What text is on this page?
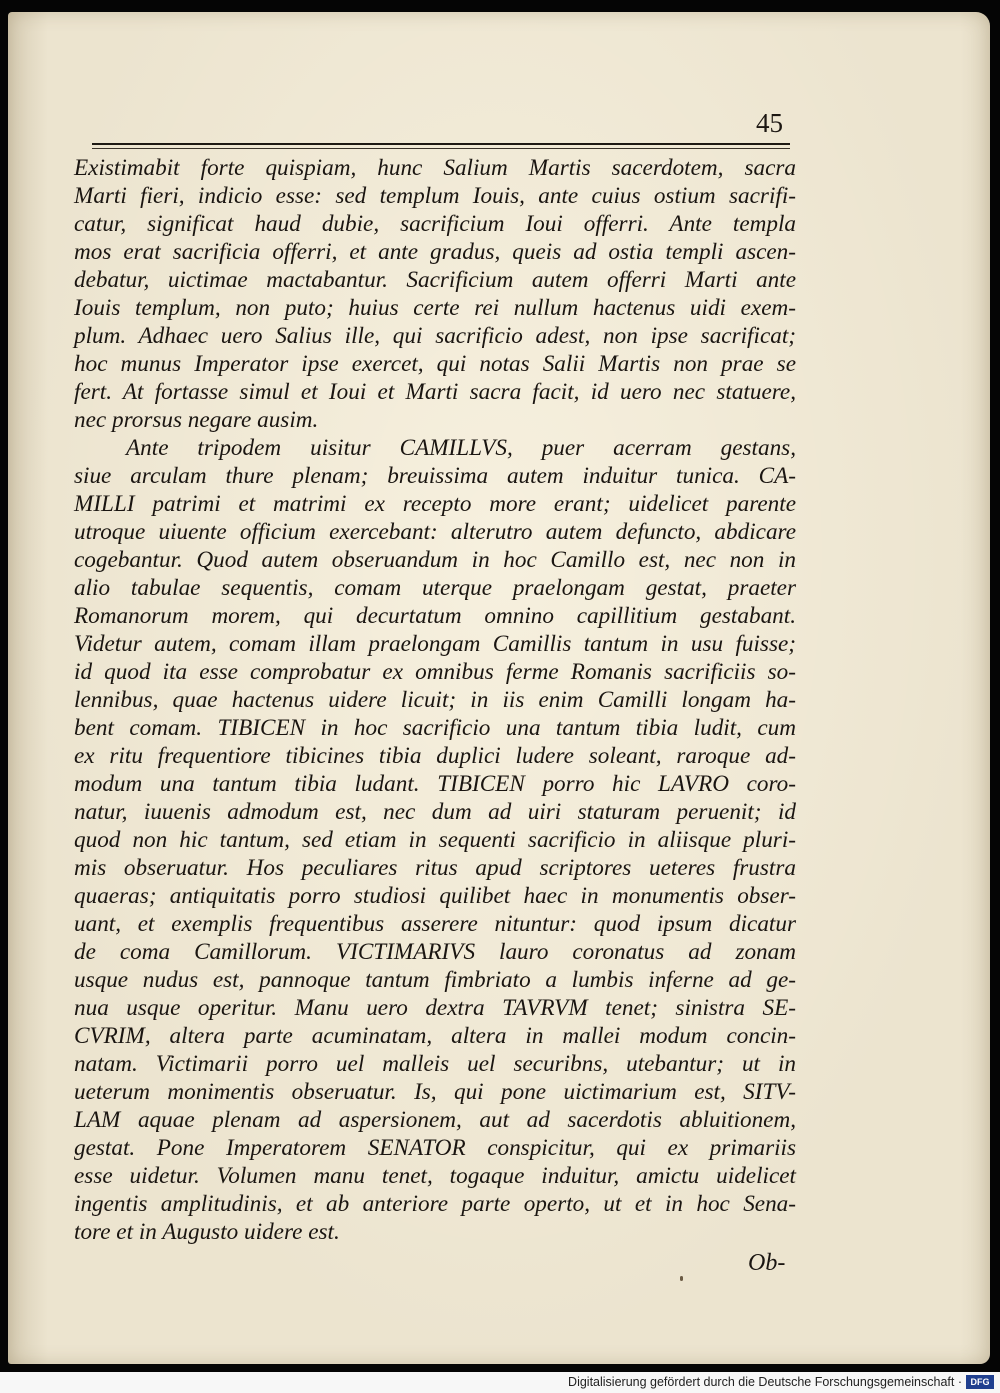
45
Existimabit forte quispiam, hunc Salium Martis sacerdotem, sacra
Marti fieri, indicio esse: sed templum Iouis, ante cuius ostium sacrifi-
catur, significat haud dubie, sacrificium Ioui offerri. Ante templa
mos erat sacrificia offerri, et ante gradus, queis ad ostia templi ascen-
debatur, uictimae mactabantur. Sacrificium autem offerri Marti ante
Iouis templum, non puto; huius certe rei nullum hactenus uidi exem-
plum. Adhaec uero Salius ille, qui sacrificio adest, non ipse sacrificat;
hoc munus Imperator ipse exercet, qui notas Salii Martis non prae se
fert. At fortasse simul et Ioui et Marti sacra facit, id uero nec statuere,
nec prorsus negare ausim.
Ante tripodem uisitur CAMILLVS, puer acerram gestans,
siue arculam thure plenam; breuissima autem induitur tunica. CA-
MILLI patrimi et matrimi ex recepto more erant; uidelicet parente
utroque uiuente officium exercebant: alterutro autem defuncto, abdicare
cogebantur. Quod autem obseruandum in hoc Camillo est, nec non in
alio tabulae sequentis, comam uterque praelongam gestat, praeter
Romanorum morem, qui decurtatum omnino capillitium gestabant.
Videtur autem, comam illam praelongam Camillis tantum in usu fuisse;
id quod ita esse comprobatur ex omnibus ferme Romanis sacrificiis so-
lennibus, quae hactenus uidere licuit; in iis enim Camilli longam ha-
bent comam. TIBICEN in hoc sacrificio una tantum tibia ludit, cum
ex ritu frequentiore tibicines tibia duplici ludere soleant, raroque ad-
modum una tantum tibia ludant. TIBICEN porro hic LAVRO coro-
natur, iuuenis admodum est, nec dum ad uiri staturam peruenit; id
quod non hic tantum, sed etiam in sequenti sacrificio in aliisque pluri-
mis obseruatur. Hos peculiares ritus apud scriptores ueteres frustra
quaeras; antiquitatis porro studiosi quilibet haec in monumentis obser-
uant, et exemplis frequentibus asserere nituntur: quod ipsum dicatur
de coma Camillorum. VICTIMARIVS lauro coronatus ad zonam
usque nudus est, pannoque tantum fimbriato a lumbis inferne ad ge-
nua usque operitur. Manu uero dextra TAVRVM tenet; sinistra SE-
CVRIM, altera parte acuminatam, altera in mallei modum concin-
natam. Victimarii porro uel malleis uel securibns, utebantur; ut in
ueterum monimentis obseruatur. Is, qui pone uictimarium est, SITV-
LAM aquae plenam ad aspersionem, aut ad sacerdotis abluitionem,
gestat. Pone Imperatorem SENATOR conspicitur, qui ex primariis
esse uidetur. Volumen manu tenet, togaque induitur, amictu uidelicet
ingentis amplitudinis, et ab anteriore parte operto, ut et in hoc Sena-
tore et in Augusto uidere est.
Ob-
Digitalisierung gefördert durch die Deutsche Forschungsgemeinschaft · DFG
